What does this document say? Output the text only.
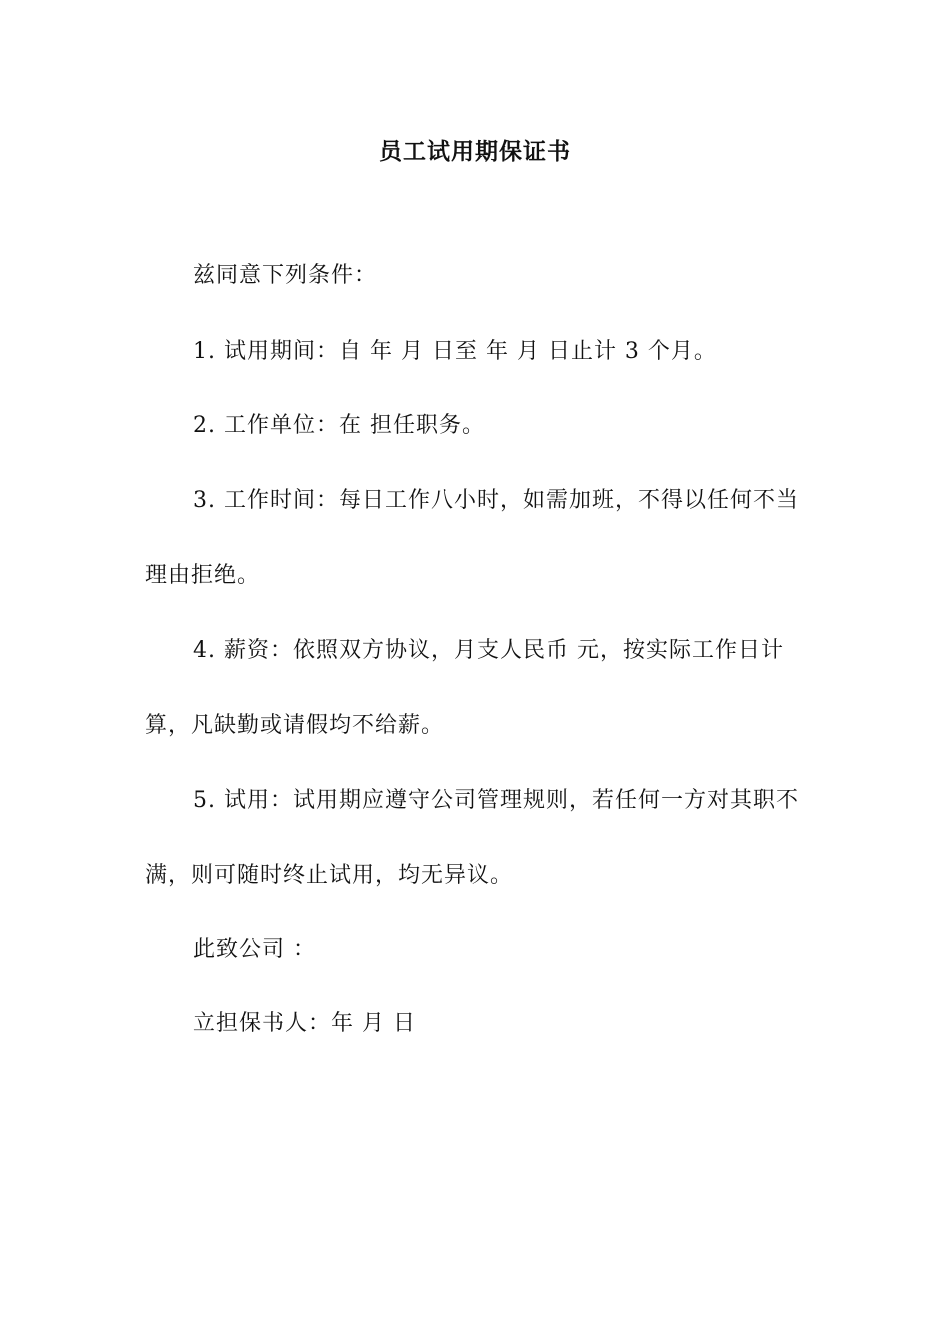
员工试用期保证书

兹同意下列条件：

1. 试用期间：自 年 月 日至 年 月 日止计 3 个月。

2. 工作单位：在 担任职务。

3. 工作时间：每日工作八小时，如需加班，不得以任何不当理由拒绝。

4. 薪资：依照双方协议，月支人民币 元，按实际工作日计算，凡缺勤或请假均不给薪。

5. 试用：试用期应遵守公司管理规则，若任何一方对其职不满，则可随时终止试用，均无异议。

此致公司 ：

立担保书人：年 月 日
